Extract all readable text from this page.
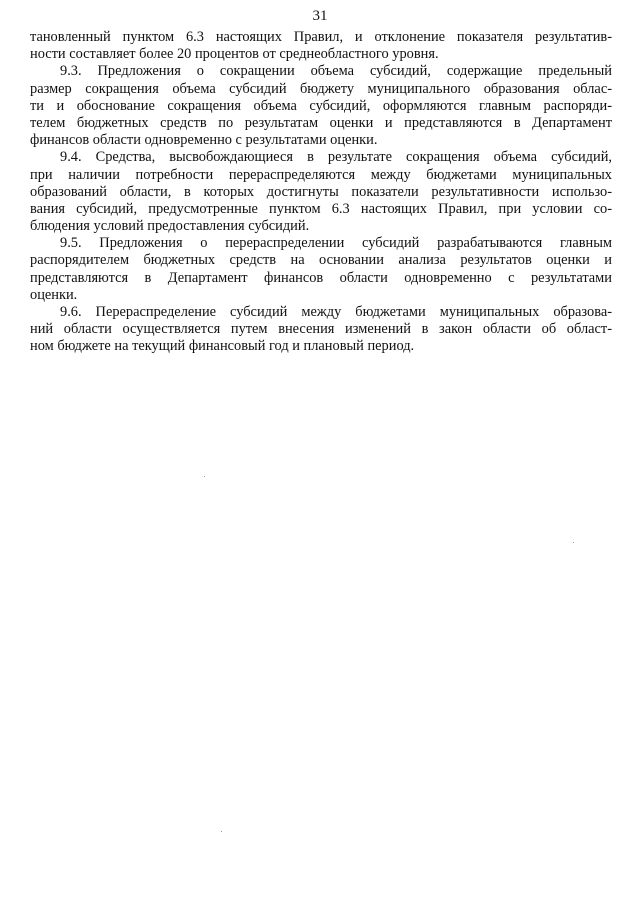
31
тановленный пунктом 6.3 настоящих Правил, и отклонение показателя результатив-
ности составляет более 20 процентов от среднеобластного уровня.
9.3. Предложения о сокращении объема субсидий, содержащие предельный
размер сокращения объема субсидий бюджету муниципального образования облас-
ти и обоснование сокращения объема субсидий, оформляются главным распоряди-
телем бюджетных средств по результатам оценки и представляются в Департамент
финансов области одновременно с результатами оценки.
9.4. Средства, высвобождающиеся в результате сокращения объема субсидий,
при наличии потребности перераспределяются между бюджетами муниципальных
образований области, в которых достигнуты показатели результативности использо-
вания субсидий, предусмотренные пунктом 6.3 настоящих Правил, при условии со-
блюдения условий предоставления субсидий.
9.5. Предложения о перераспределении субсидий разрабатываются главным
распорядителем бюджетных средств на основании анализа результатов оценки и
представляются в Департамент финансов области одновременно с результатами
оценки.
9.6. Перераспределение субсидий между бюджетами муниципальных образова-
ний области осуществляется путем внесения изменений в закон области об област-
ном бюджете на текущий финансовый год и плановый период.
